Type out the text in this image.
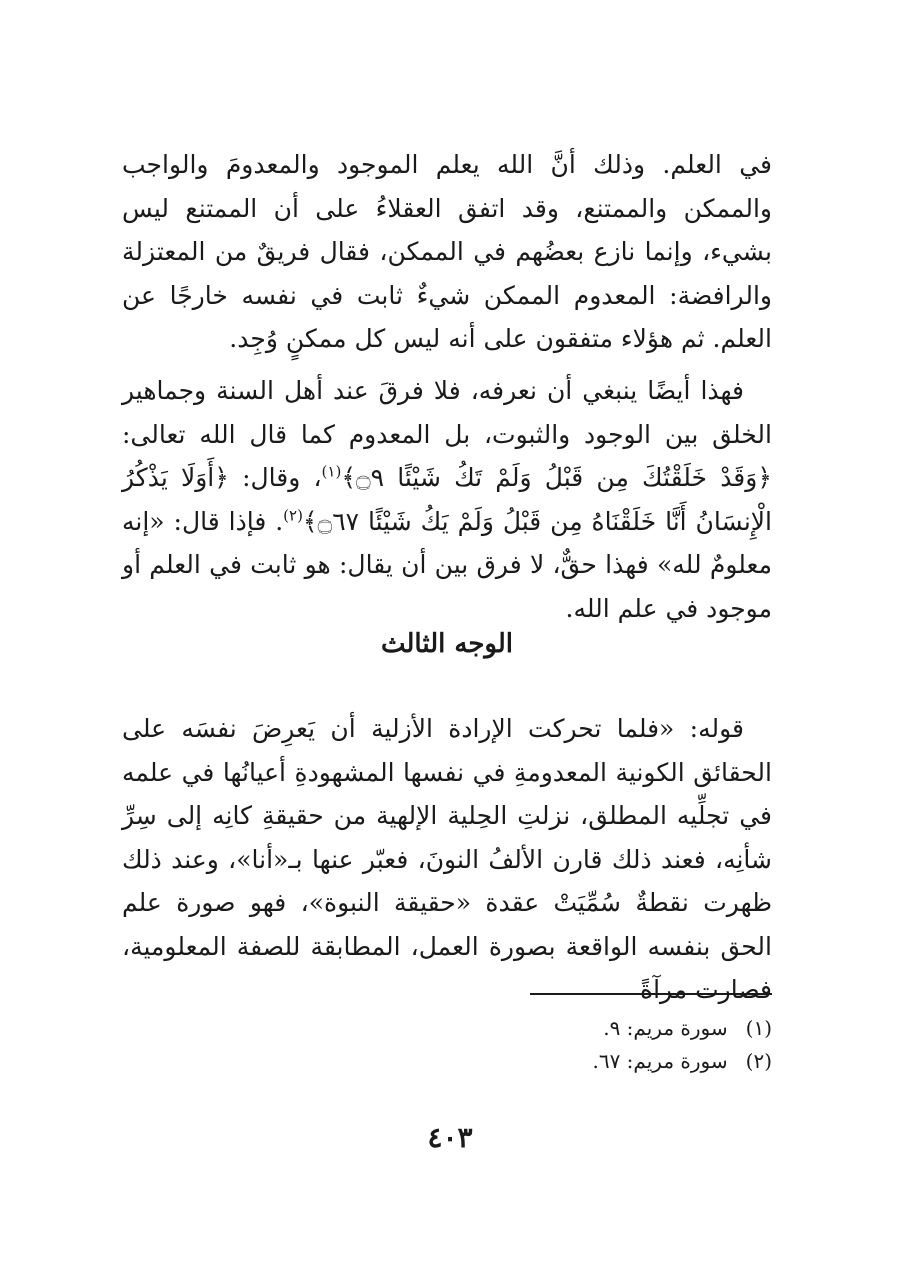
في العلم. وذلك أنَّ الله يعلم الموجود والمعدومَ والواجب والممكن والممتنع، وقد اتفق العقلاءُ على أن الممتنع ليس بشيء، وإنما نازع بعضُهم في الممكن، فقال فريقٌ من المعتزلة والرافضة: المعدوم الممكن شيءٌ ثابت في نفسه خارجًا عن العلم. ثم هؤلاء متفقون على أنه ليس كل ممكنٍ وُجِد.

فهذا أيضًا ينبغي أن نعرفه، فلا فرقَ عند أهل السنة وجماهير الخلق بين الوجود والثبوت، بل المعدوم كما قال الله تعالى: ﴿وَقَدْ خَلَقْتُكَ مِن قَبْلُ وَلَمْ تَكُ شَيْئًا ۝٩﴾$^{(١)}$، وقال: ﴿أَوَلَا يَذْكُرُ الْإِنسَانُ أَنَّا خَلَقْنَاهُ مِن قَبْلُ وَلَمْ يَكُ شَيْئًا ۝٦٧﴾$^{(٢)}$. فإذا قال: «إنه معلومٌ لله» فهذا حقٌّ، لا فرق بين أن يقال: هو ثابت في العلم أو موجود في علم الله.

الوجه الثالث

قوله: «فلما تحركت الإرادة الأزلية أن يَعرِضَ نفسَه على الحقائق الكونية المعدومةِ في نفسها المشهودةِ أعيانُها في علمه في تجلِّيه المطلق، نزلتِ الحِلية الإلهية من حقيقةِ كانِه إلى سِرِّ شأنِه، فعند ذلك قارن الألفُ النونَ، فعبّر عنها بـ«أنا»، وعند ذلك ظهرت نقطةٌ سُمِّيَتْ عقدة «حقيقة النبوة»، فهو صورة علم الحق بنفسه الواقعة بصورة العمل، المطابقة للصفة المعلومية، فصارت مرآةً

(١) سورة مريم: ٩.
(٢) سورة مريم: ٦٧.
٤٠٣
